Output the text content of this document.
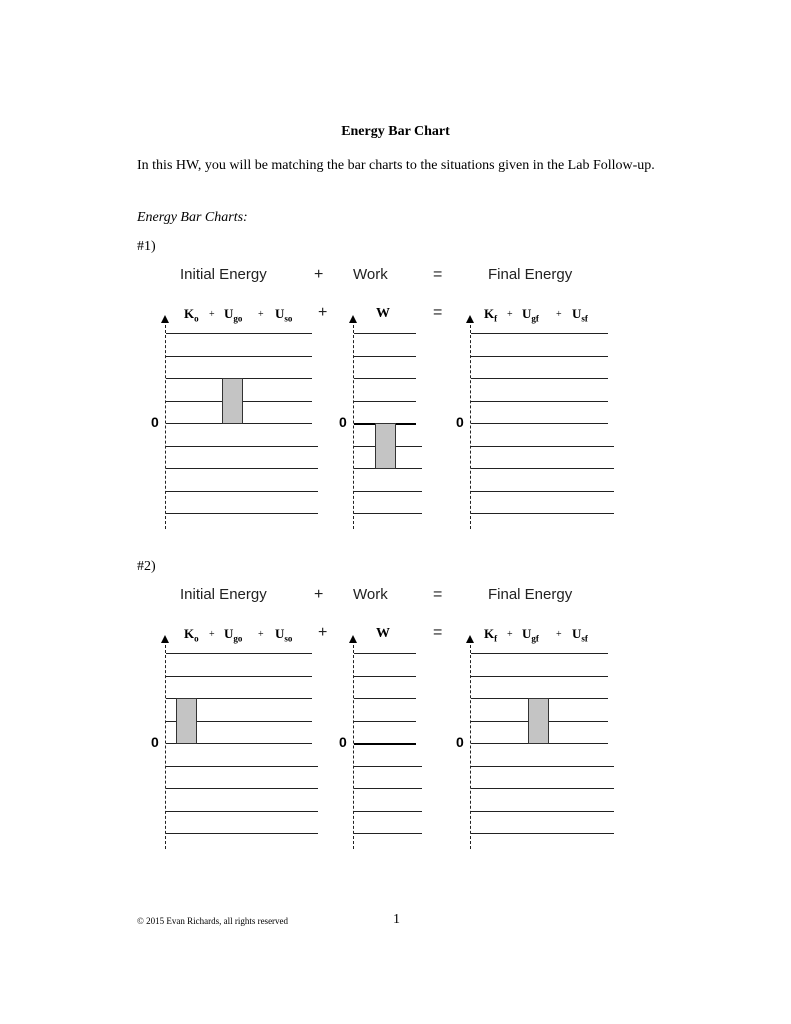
Energy Bar Chart
In this HW, you will be matching the bar charts to the situations given in the Lab Follow-up.
Energy Bar Charts:
#1)
Initial Energy	+ Work	=	Final Energy
$K_o + U_{go} + U_{so}$ +	W	=	$K_f + U_{gf} + U_{sf}$
0	0	0
#2)
Initial Energy	+ Work	=	Final Energy
$K_o + U_{go} + U_{so}$ +	W	=	$K_f + U_{gf} + U_{sf}$
0	0	0
© 2015 Evan Richards, all rights reserved	1
